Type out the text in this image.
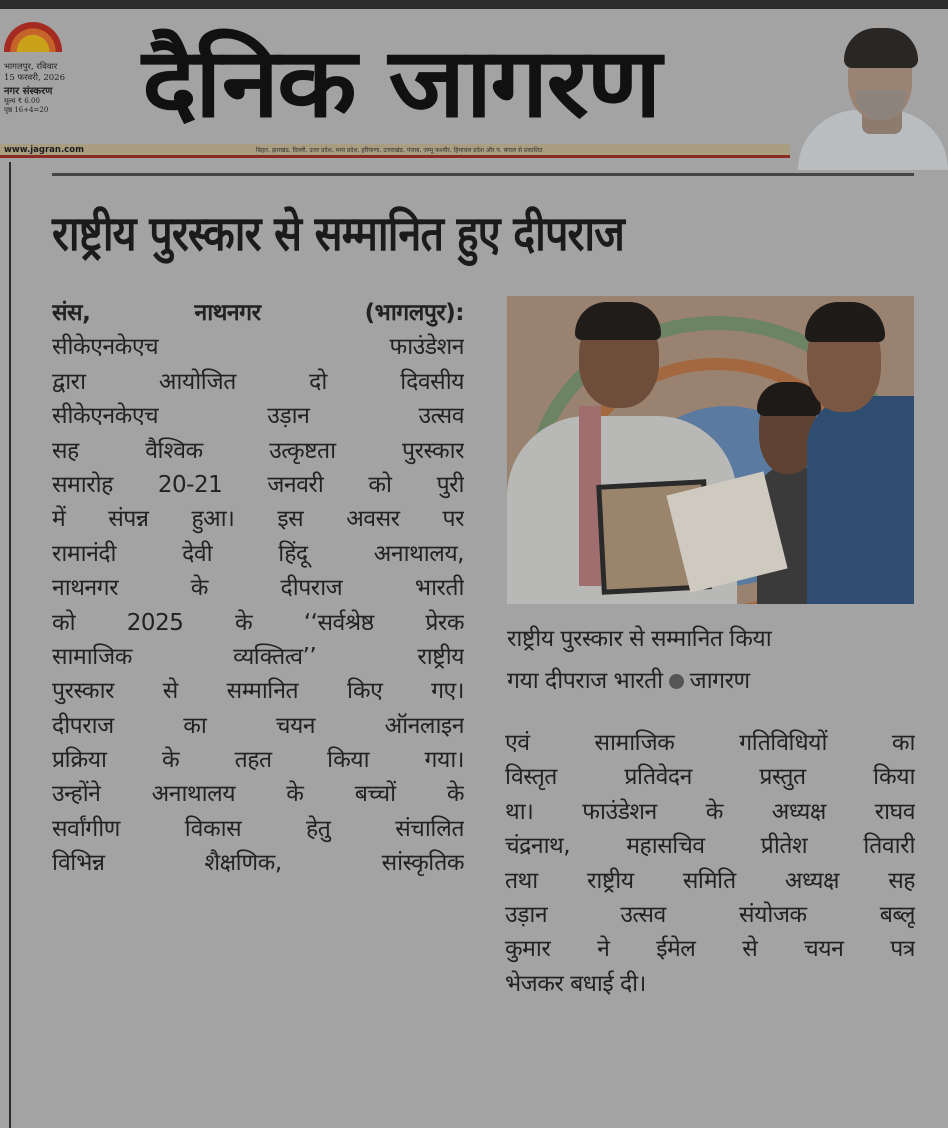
भागलपुर, रविवार
15 फरवरी, 2026
नगर संस्करण
मूल्य ₹ 6.00
पृष्ठ 16+4=20 दैनिक जागरण
www.jagran.com	बिहार, झारखंड, दिल्ली, उत्तर प्रदेश, मध्य प्रदेश, हरियाणा, उत्तराखंड, पंजाब, जम्मू कश्मीर, हिमाचल प्रदेश और प. बंगाल से प्रकाशित
राष्ट्रीय पुरस्कार से सम्मानित हुए दीपराज
संस, नाथनगर (भागलपुर):
सीकेएनकेएच फाउंडेशन
द्वारा आयोजित दो दिवसीय
सीकेएनकेएच उड़ान उत्सव
सह वैश्विक उत्कृष्टता पुरस्कार
समारोह 20-21 जनवरी को पुरी
में संपन्न हुआ। इस अवसर पर
रामानंदी देवी हिंदू अनाथालय,
नाथनगर के दीपराज भारती
को 2025 के ‘‘सर्वश्रेष्ठ प्रेरक
सामाजिक व्यक्तित्व’’ राष्ट्रीय
पुरस्कार से सम्मानित किए गए।
दीपराज का चयन ऑनलाइन
प्रक्रिया के तहत किया गया।
उन्होंने अनाथालय के बच्चों के
सर्वांगीण विकास हेतु संचालित
विभिन्न शैक्षणिक, सांस्कृतिक
राष्ट्रीय पुरस्कार से सम्मानित किया
गया दीपराज भारती जागरण
एवं सामाजिक गतिविधियों का
विस्तृत प्रतिवेदन प्रस्तुत किया
था। फाउंडेशन के अध्यक्ष राघव
चंद्रनाथ, महासचिव प्रीतेश तिवारी
तथा राष्ट्रीय समिति अध्यक्ष सह
उड़ान उत्सव संयोजक बब्लू
कुमार ने ईमेल से चयन पत्र
भेजकर बधाई दी।
